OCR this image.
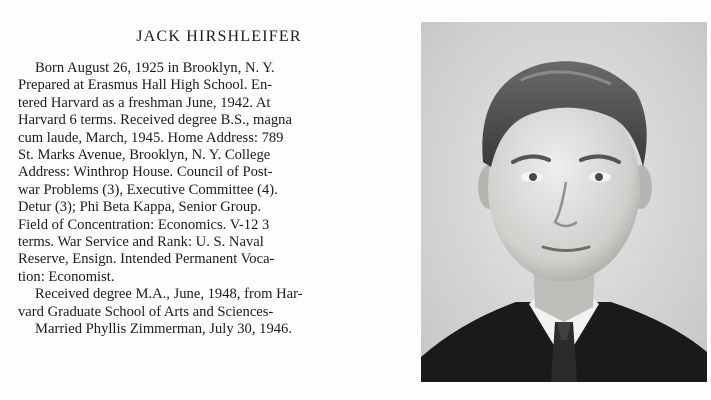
JACK HIRSHLEIFER

Born August 26, 1925 in Brooklyn, N. Y.
Prepared at Erasmus Hall High School. En-
tered Harvard as a freshman June, 1942. At
Harvard 6 terms. Received degree B.S., magna
cum laude, March, 1945. Home Address: 789
St. Marks Avenue, Brooklyn, N. Y. College
Address: Winthrop House. Council of Post-
war Problems (3), Executive Committee (4).
Detur (3); Phi Beta Kappa, Senior Group.
Field of Concentration: Economics. V-12 3
terms. War Service and Rank: U. S. Naval
Reserve, Ensign. Intended Permanent Voca-
tion: Economist.

Received degree M.A., June, 1948, from Har-
vard Graduate School of Arts and Sciences-
Married Phyllis Zimmerman, July 30, 1946.
